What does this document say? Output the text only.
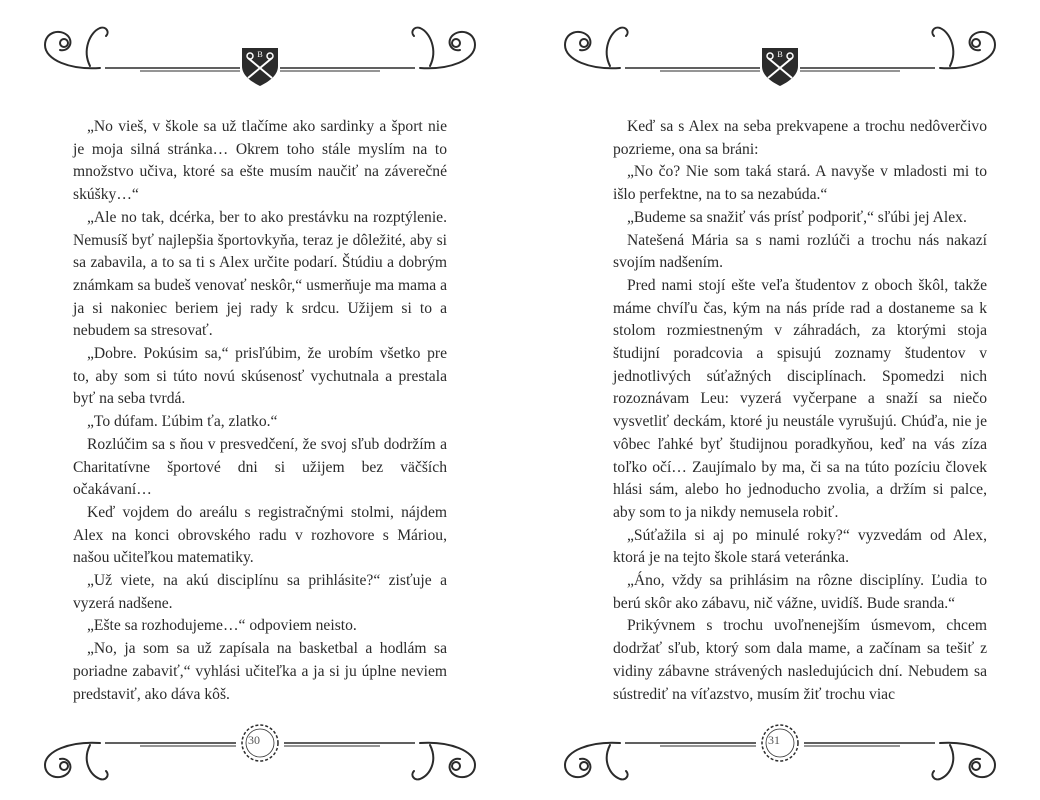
B

„No vieš, v škole sa už tlačíme ako sardinky a šport nie je moja silná stránka… Okrem toho stále myslím na to množstvo učiva, ktoré sa ešte musím naučiť na záverečné skúšky…“

„Ale no tak, dcérka, ber to ako prestávku na rozptýlenie. Nemusíš byť najlepšia športovkyňa, teraz je dôležité, aby si sa zabavila, a to sa ti s Alex určite podarí. Štúdiu a dobrým známkam sa budeš venovať neskôr,“ usmerňuje ma mama a ja si nakoniec beriem jej rady k srdcu. Užijem si to a nebudem sa stresovať.

„Dobre. Pokúsim sa,“ prisľúbim, že urobím všetko pre to, aby som si túto novú skúsenosť vychutnala a prestala byť na seba tvrdá.

„To dúfam. Ľúbim ťa, zlatko.“

Rozlúčim sa s ňou v presvedčení, že svoj sľub dodržím a Charitatívne športové dni si užijem bez väčších očakávaní…

Keď vojdem do areálu s registračnými stolmi, nájdem Alex na konci obrovského radu v rozhovore s Máriou, našou učiteľkou matematiky.

„Už viete, na akú disciplínu sa prihlásite?“ zisťuje a vyzerá nadšene.

„Ešte sa rozhodujeme…“ odpoviem neisto.

„No, ja som sa už zapísala na basketbal a hodlám sa poriadne zabaviť,“ vyhlási učiteľka a ja si ju úplne neviem predstaviť, ako dáva kôš.

30
B

Keď sa s Alex na seba prekvapene a trochu nedôverčivo pozrieme, ona sa bráni:

„No čo? Nie som taká stará. A navyše v mladosti mi to išlo perfektne, na to sa nezabúda.“

„Budeme sa snažiť vás prísť podporiť,“ sľúbi jej Alex.

Natešená Mária sa s nami rozlúči a trochu nás nakazí svojím nadšením.

Pred nami stojí ešte veľa študentov z oboch škôl, takže máme chvíľu čas, kým na nás príde rad a dostaneme sa k stolom rozmiestneným v záhradách, za ktorými stoja študijní poradcovia a spisujú zoznamy študentov v jednotlivých súťažných disciplínach. Spomedzi nich rozoznávam Leu: vyzerá vyčerpane a snaží sa niečo vysvetliť deckám, ktoré ju neustále vyrušujú. Chúďa, nie je vôbec ľahké byť študijnou poradkyňou, keď na vás zíza toľko očí… Zaujímalo by ma, či sa na túto pozíciu človek hlási sám, alebo ho jednoducho zvolia, a držím si palce, aby som to ja nikdy nemusela robiť.

„Súťažila si aj po minulé roky?“ vyzvedám od Alex, ktorá je na tejto škole stará veteránka.

„Áno, vždy sa prihlásim na rôzne disciplíny. Ľudia to berú skôr ako zábavu, nič vážne, uvidíš. Bude sranda.“

Prikývnem s trochu uvoľnenejším úsmevom, chcem dodržať sľub, ktorý som dala mame, a začínam sa tešiť z vidiny zábavne strávených nasledujúcich dní. Nebudem sa sústrediť na víťazstvo, musím žiť trochu viac

31
